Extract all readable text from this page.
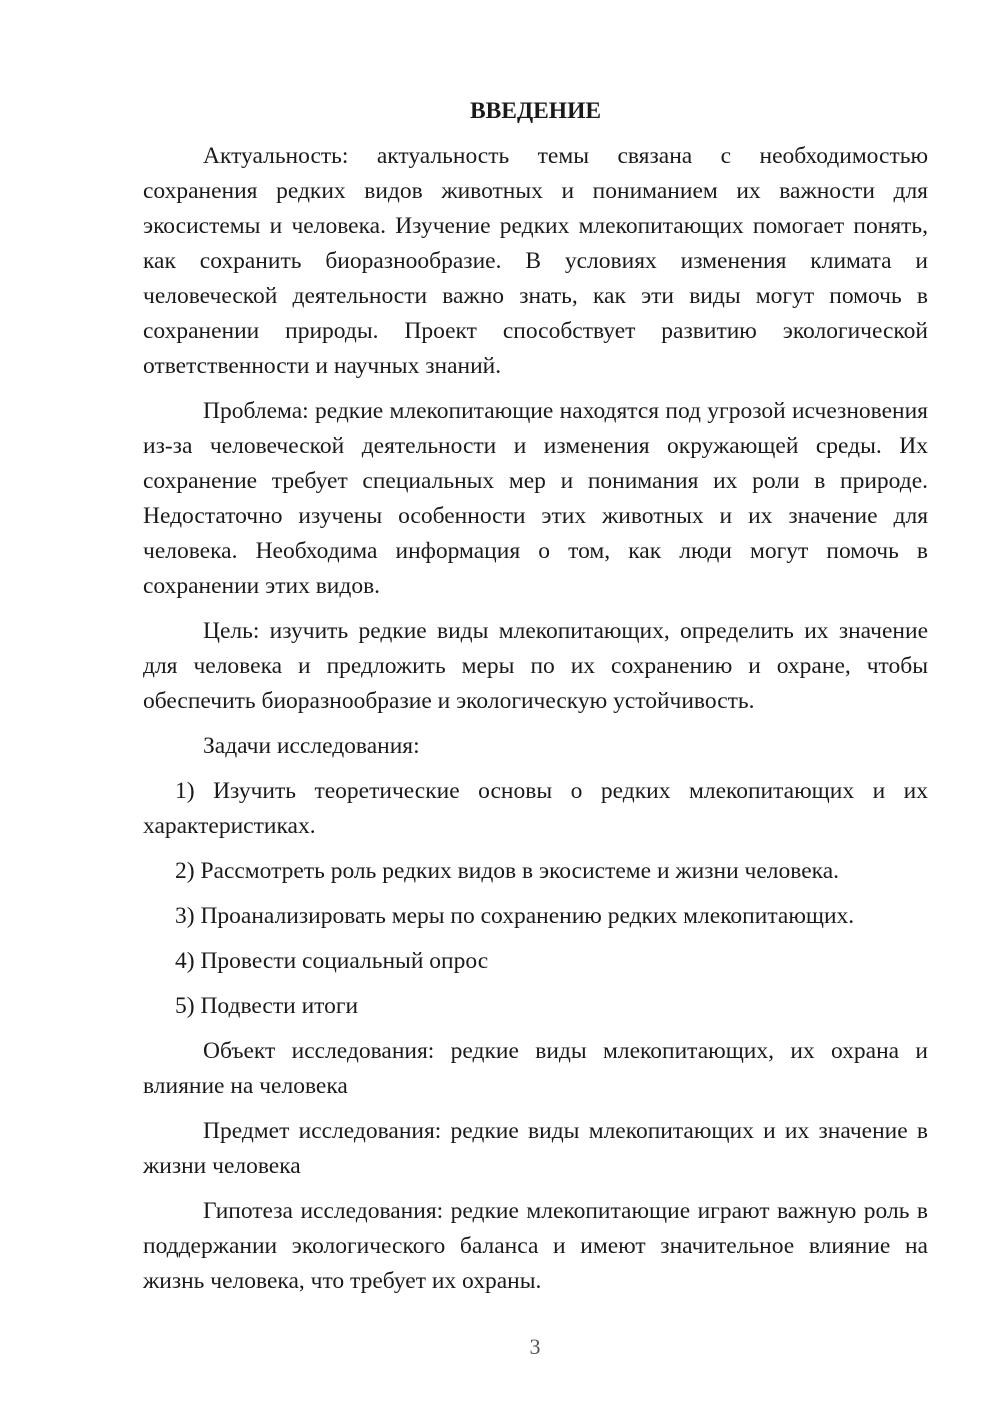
ВВЕДЕНИЕ

Актуальность: актуальность темы связана с необходимостью сохранения редких видов животных и пониманием их важности для экосистемы и человека. Изучение редких млекопитающих помогает понять, как сохранить биоразнообразие. В условиях изменения климата и человеческой деятельности важно знать, как эти виды могут помочь в сохранении природы. Проект способствует развитию экологической ответственности и научных знаний.

Проблема: редкие млекопитающие находятся под угрозой исчезновения из-за человеческой деятельности и изменения окружающей среды. Их сохранение требует специальных мер и понимания их роли в природе. Недостаточно изучены особенности этих животных и их значение для человека. Необходима информация о том, как люди могут помочь в сохранении этих видов.

Цель: изучить редкие виды млекопитающих, определить их значение для человека и предложить меры по их сохранению и охране, чтобы обеспечить биоразнообразие и экологическую устойчивость.

Задачи исследования:

1) Изучить теоретические основы о редких млекопитающих и их характеристиках.

2) Рассмотреть роль редких видов в экосистеме и жизни человека.

3) Проанализировать меры по сохранению редких млекопитающих.

4) Провести социальный опрос

5) Подвести итоги

Объект исследования: редкие виды млекопитающих, их охрана и влияние на человека

Предмет исследования: редкие виды млекопитающих и их значение в жизни человека

Гипотеза исследования: редкие млекопитающие играют важную роль в поддержании экологического баланса и имеют значительное влияние на жизнь человека, что требует их охраны.

3
